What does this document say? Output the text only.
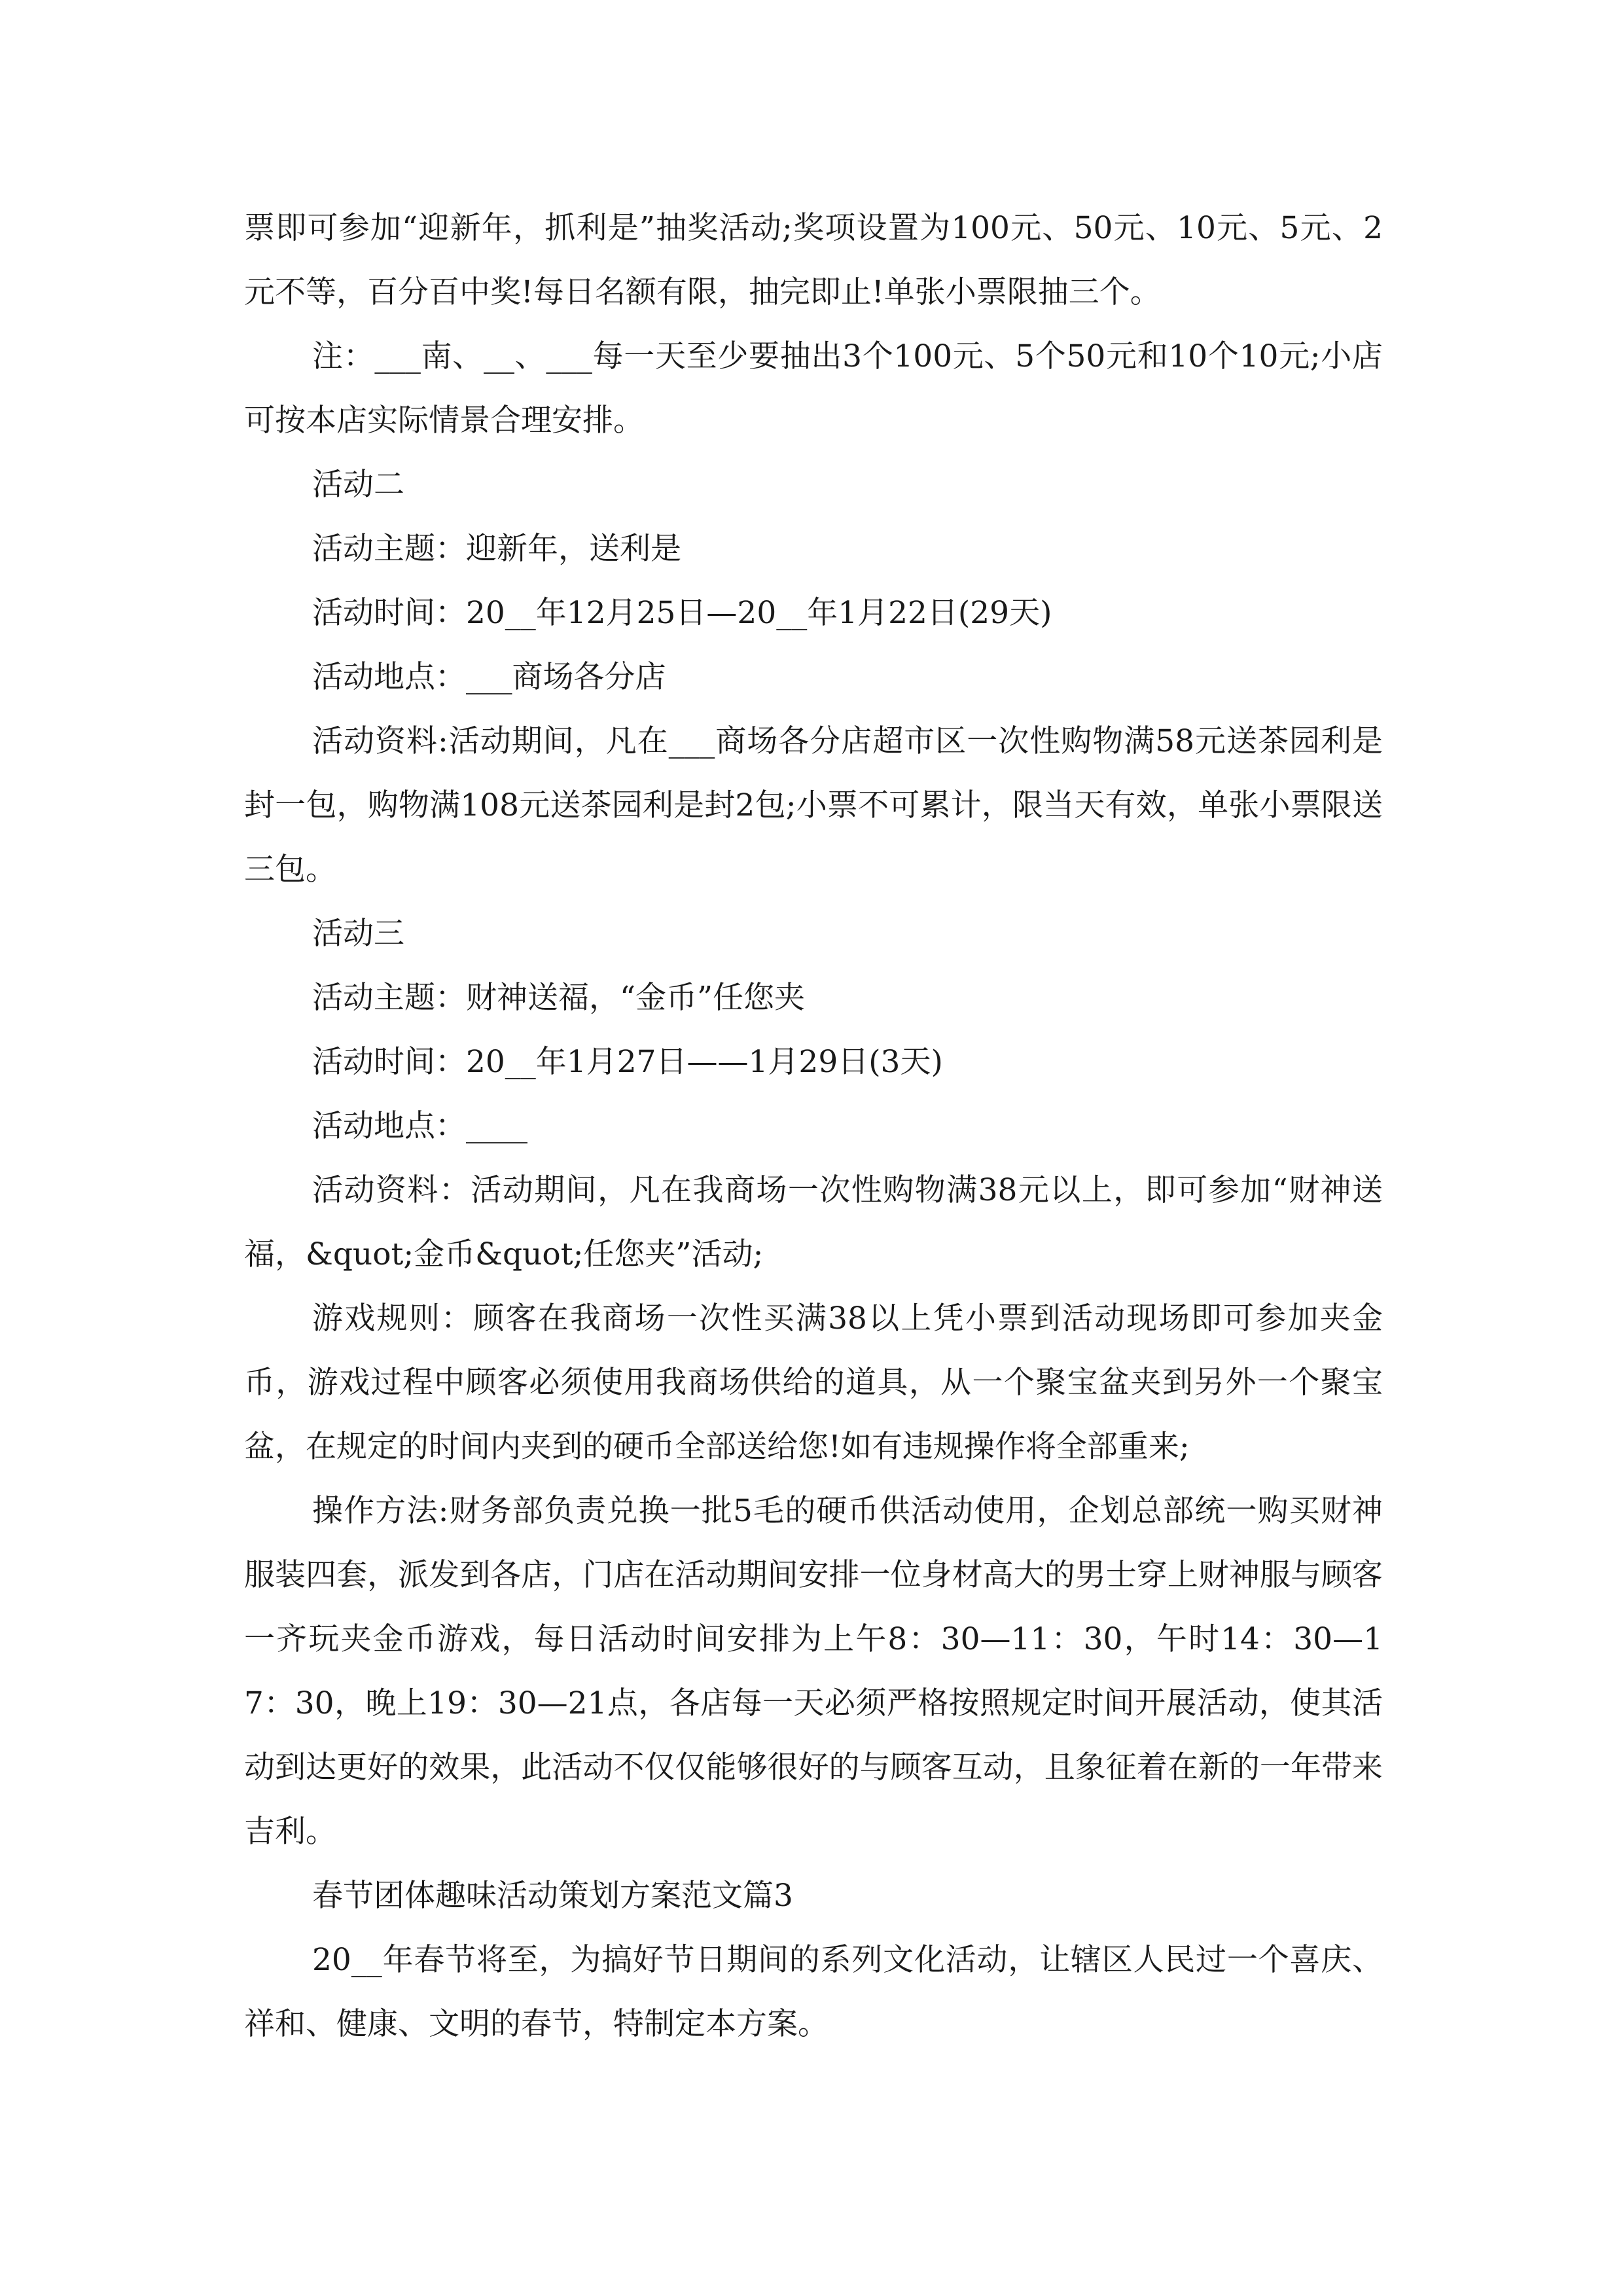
票即可参加“迎新年，抓利是”抽奖活动;奖项设置为100元、50元、10元、5元、2元不等，百分百中奖!每日名额有限，抽完即止!单张小票限抽三个。

注：___南、__、___每一天至少要抽出3个100元、5个50元和10个10元;小店可按本店实际情景合理安排。

活动二

活动主题：迎新年，送利是

活动时间：20__年12月25日—20__年1月22日(29天)

活动地点：___商场各分店

活动资料:活动期间，凡在___商场各分店超市区一次性购物满58元送茶园利是封一包，购物满108元送茶园利是封2包;小票不可累计，限当天有效，单张小票限送三包。

活动三

活动主题：财神送福，“金币”任您夹

活动时间：20__年1月27日——1月29日(3天)

活动地点：____

活动资料：活动期间，凡在我商场一次性购物满38元以上，即可参加“财神送福，&quot;金币&quot;任您夹”活动;

游戏规则：顾客在我商场一次性买满38以上凭小票到活动现场即可参加夹金币，游戏过程中顾客必须使用我商场供给的道具，从一个聚宝盆夹到另外一个聚宝盆，在规定的时间内夹到的硬币全部送给您!如有违规操作将全部重来;

操作方法:财务部负责兑换一批5毛的硬币供活动使用，企划总部统一购买财神服装四套，派发到各店，门店在活动期间安排一位身材高大的男士穿上财神服与顾客一齐玩夹金币游戏，每日活动时间安排为上午8：30—11：30，午时14：30—17：30，晚上19：30—21点，各店每一天必须严格按照规定时间开展活动，使其活动到达更好的效果，此活动不仅仅能够很好的与顾客互动，且象征着在新的一年带来吉利。

春节团体趣味活动策划方案范文篇3

20__年春节将至，为搞好节日期间的系列文化活动，让辖区人民过一个喜庆、祥和、健康、文明的春节，特制定本方案。
